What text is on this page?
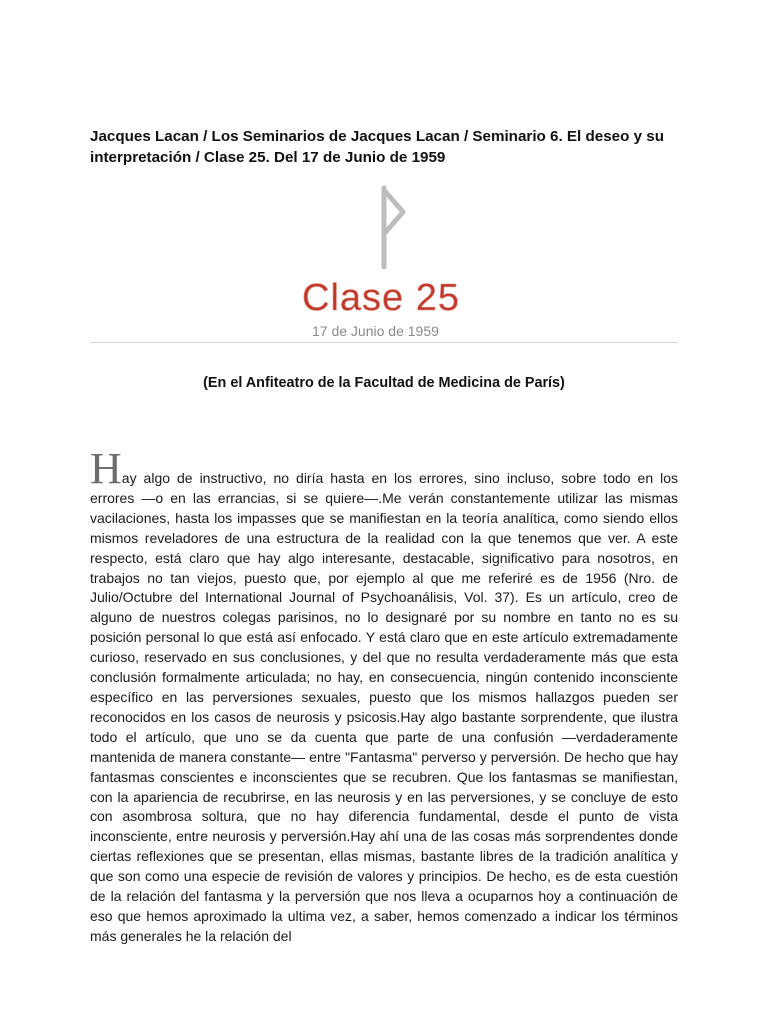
Jacques Lacan / Los Seminarios de Jacques Lacan / Seminario 6. El deseo y su interpretación / Clase 25. Del 17 de Junio de 1959
Clase 25
17 de Junio de 1959
(En el Anfiteatro de la Facultad de Medicina de París)

Hay algo de instructivo, no diría hasta en los errores, sino incluso, sobre todo en los errores —o en las errancias, si se quiere—.Me verán constantemente utilizar las mismas vacilaciones, hasta los impasses que se manifiestan en la teoría analítica, como siendo ellos mismos reveladores de una estructura de la realidad con la que tenemos que ver. A este respecto, está claro que hay algo interesante, destacable, significativo para nosotros, en trabajos no tan viejos, puesto que, por ejemplo al que me referiré es de 1956 (Nro. de Julio/Octubre del International Journal of Psychoanálisis, Vol. 37). Es un artículo, creo de alguno de nuestros colegas parisinos, no lo designaré por su nombre en tanto no es su posición personal lo que está así enfocado. Y está claro que en este artículo extremadamente curioso, reservado en sus conclusiones, y del que no resulta verdaderamente más que esta conclusión formalmente articulada; no hay, en consecuencia, ningún contenido inconsciente específico en las perversiones sexuales, puesto que los mismos hallazgos pueden ser reconocidos en los casos de neurosis y psicosis.Hay algo bastante sorprendente, que ilustra todo el artículo, que uno se da cuenta que parte de una confusión —verdaderamente mantenida de manera constante— entre "Fantasma" perverso y perversión. De hecho que hay fantasmas conscientes e inconscientes que se recubren. Que los fantasmas se manifiestan, con la apariencia de recubrirse, en las neurosis y en las perversiones, y se concluye de esto con asombrosa soltura, que no hay diferencia fundamental, desde el punto de vista inconsciente, entre neurosis y perversión.Hay ahí una de las cosas más sorprendentes donde ciertas reflexiones que se presentan, ellas mismas, bastante libres de la tradición analítica y que son como una especie de revisión de valores y principios. De hecho, es de esta cuestión de la relación del fantasma y la perversión que nos lleva a ocuparnos hoy a continuación de eso que hemos aproximado la ultima vez, a saber, hemos comenzado a indicar los términos más generales he la relación del
